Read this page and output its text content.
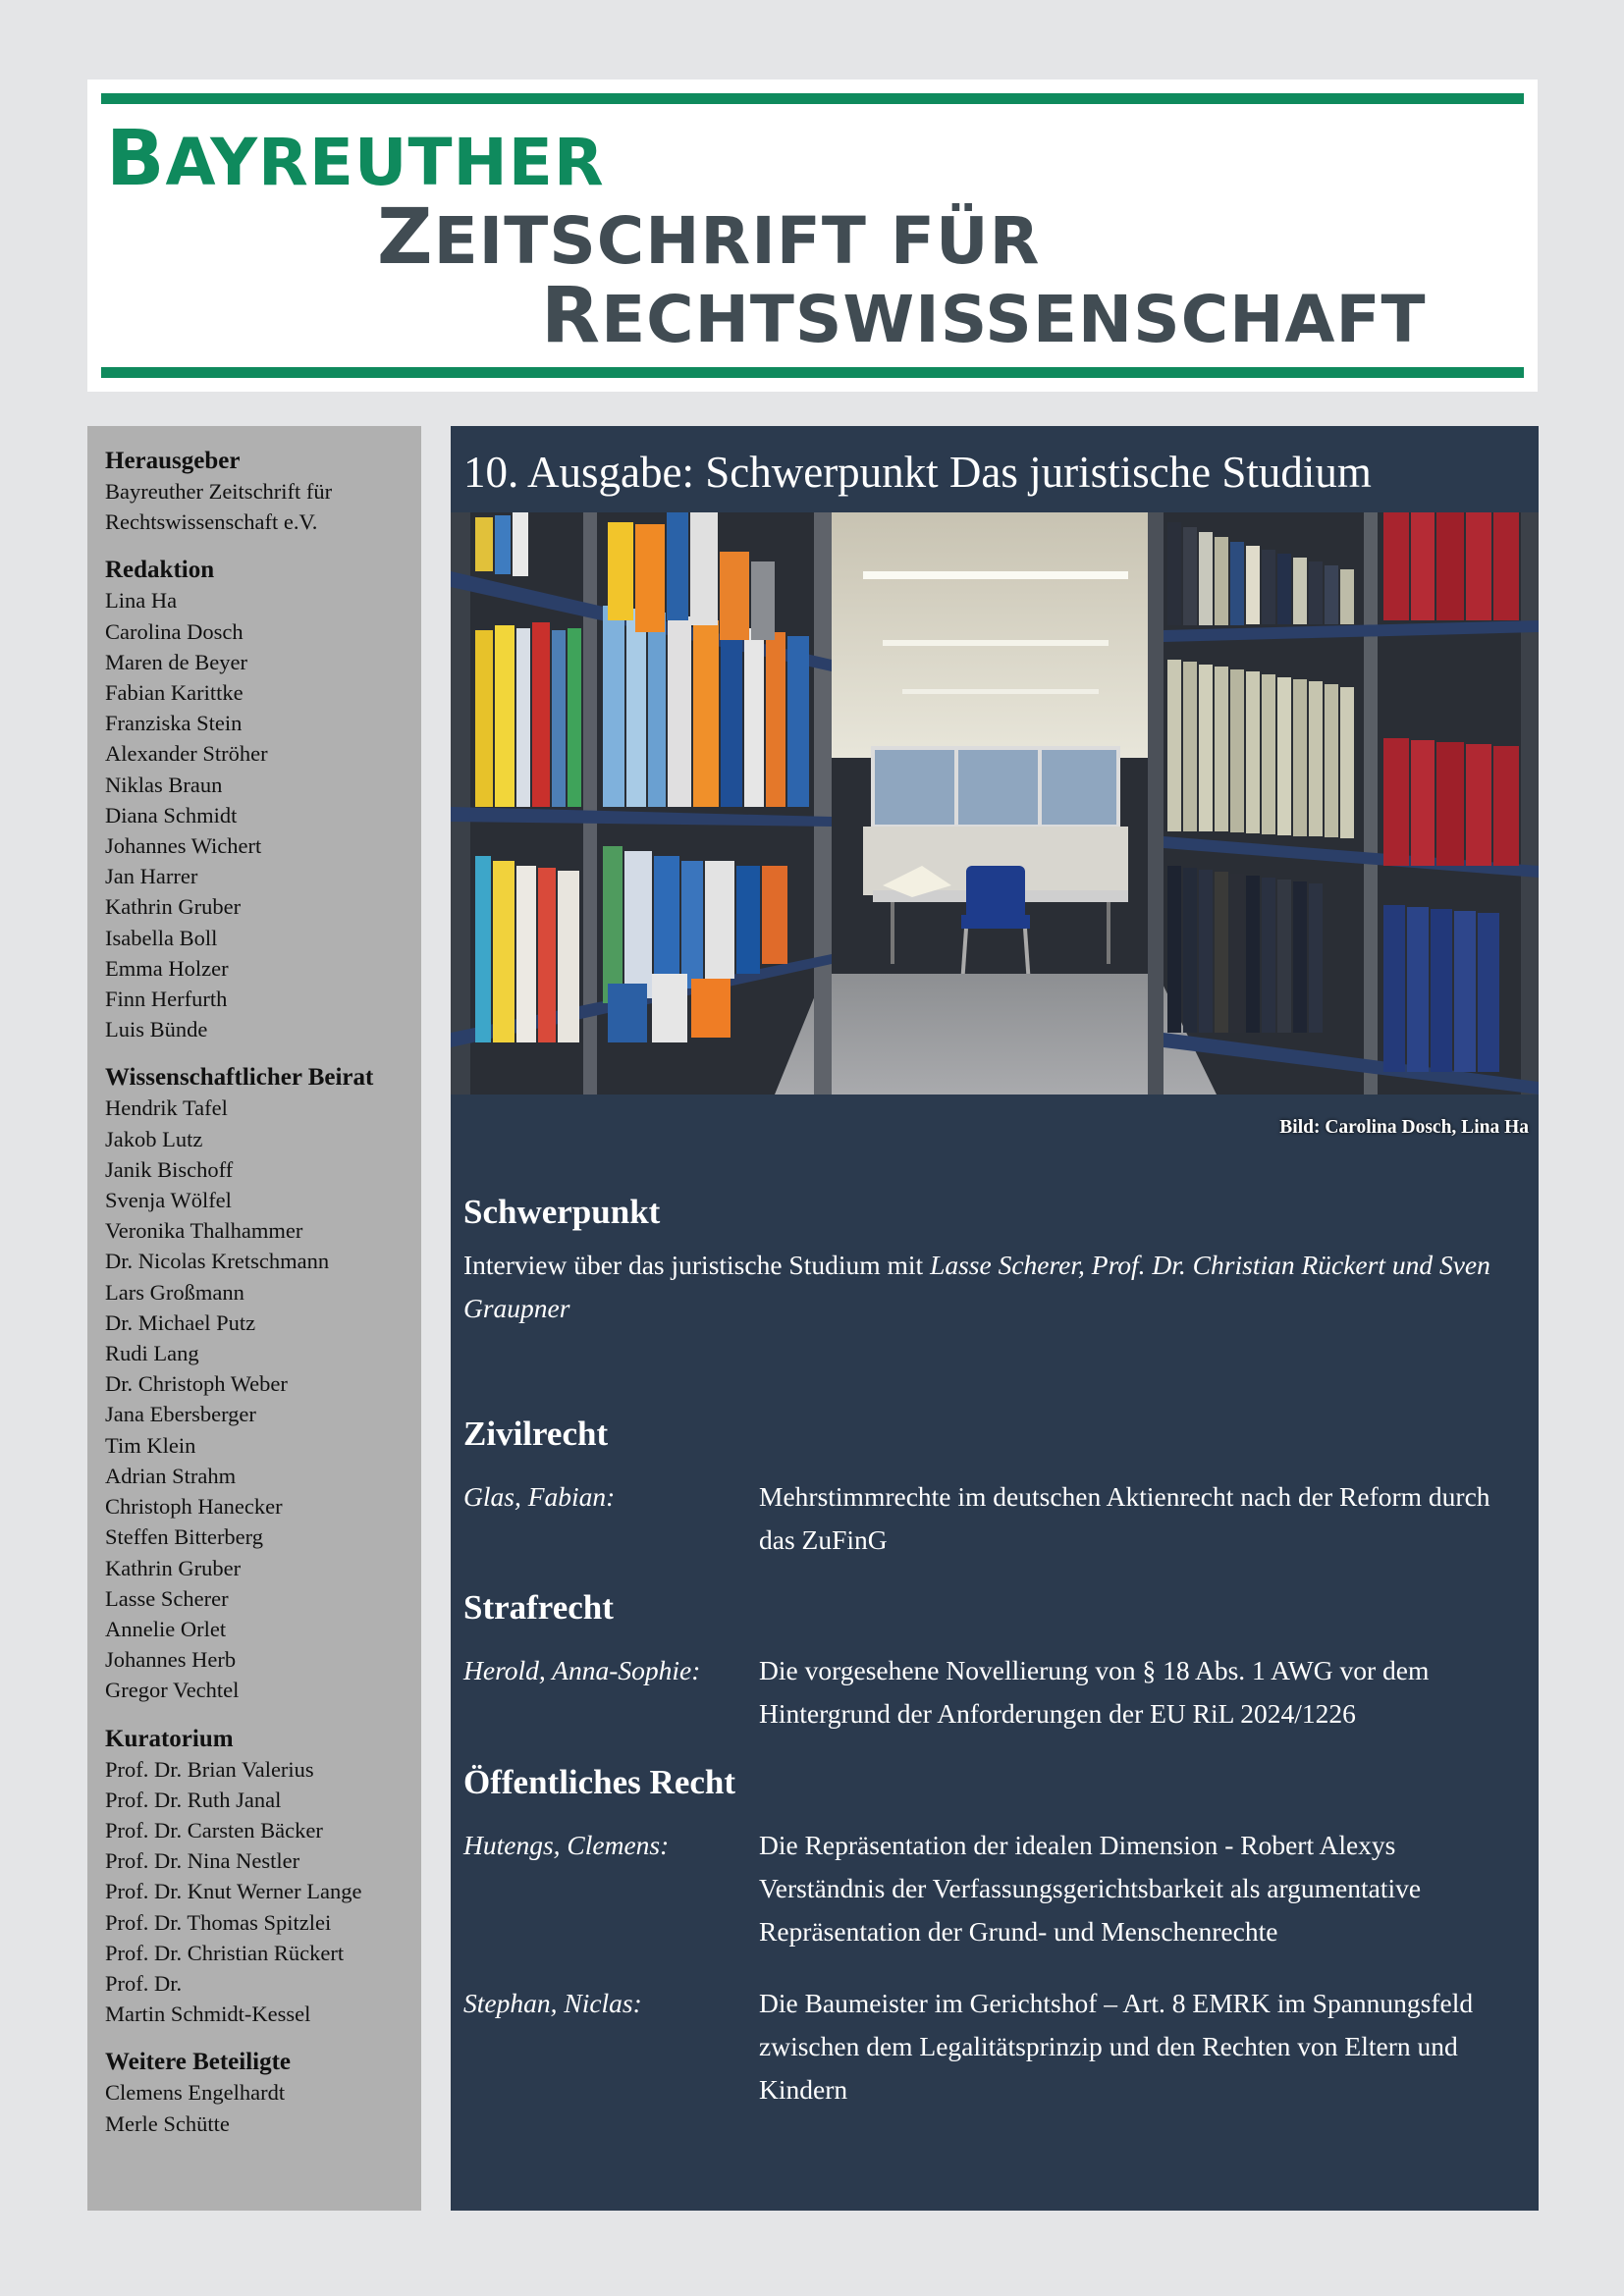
BAYREUTHER
ZEITSCHRIFT FÜR
RECHTSWISSENSCHAFT

Herausgeber

Bayreuther Zeitschrift für

Rechtswissenschaft e.V.

Redaktion

Lina Ha

Carolina Dosch

Maren de Beyer

Fabian Karittke

Franziska Stein

Alexander Ströher

Niklas Braun

Diana Schmidt

Johannes Wichert

Jan Harrer

Kathrin Gruber

Isabella Boll

Emma Holzer

Finn Herfurth

Luis Bünde

Wissenschaftlicher Beirat

Hendrik Tafel

Jakob Lutz

Janik Bischoff

Svenja Wölfel

Veronika Thalhammer

Dr. Nicolas Kretschmann

Lars Großmann

Dr. Michael Putz

Rudi Lang

Dr. Christoph Weber

Jana Ebersberger

Tim Klein

Adrian Strahm

Christoph Hanecker

Steffen Bitterberg

Kathrin Gruber

Lasse Scherer

Annelie Orlet

Johannes Herb

Gregor Vechtel

Kuratorium

Prof. Dr. Brian Valerius

Prof. Dr. Ruth Janal

Prof. Dr. Carsten Bäcker

Prof. Dr. Nina Nestler

Prof. Dr. Knut Werner Lange

Prof. Dr. Thomas Spitzlei

Prof. Dr. Christian Rückert

Prof. Dr.

Martin Schmidt-Kessel

Weitere Beteiligte

Clemens Engelhardt

Merle Schütte

10. Ausgabe: Schwerpunkt Das juristische Studium
Bild: Carolina Dosch, Lina Ha
Schwerpunkt

Interview über das juristische Studium mit Lasse Scherer, Prof. Dr. Christian Rückert und Sven Graupner

Zivilrecht
Glas, Fabian:	Mehrstimmrechte im deutschen Aktienrecht nach der Reform durch das ZuFinG
Strafrecht
Herold, Anna-Sophie: Die vorgesehene Novellierung von § 18 Abs. 1 AWG vor dem Hintergrund der Anforderungen der EU RiL 2024/1226
Öffentliches Recht
Hutengs, Clemens:	Die Repräsentation der idealen Dimension - Robert Alexys Verständnis der Verfassungsgerichtsbarkeit als argumentative Repräsentation der Grund- und Menschenrechte
Stephan, Niclas:	Die Baumeister im Gerichtshof – Art. 8 EMRK im Spannungsfeld zwischen dem Legalitätsprinzip und den Rechten von Eltern und Kindern
